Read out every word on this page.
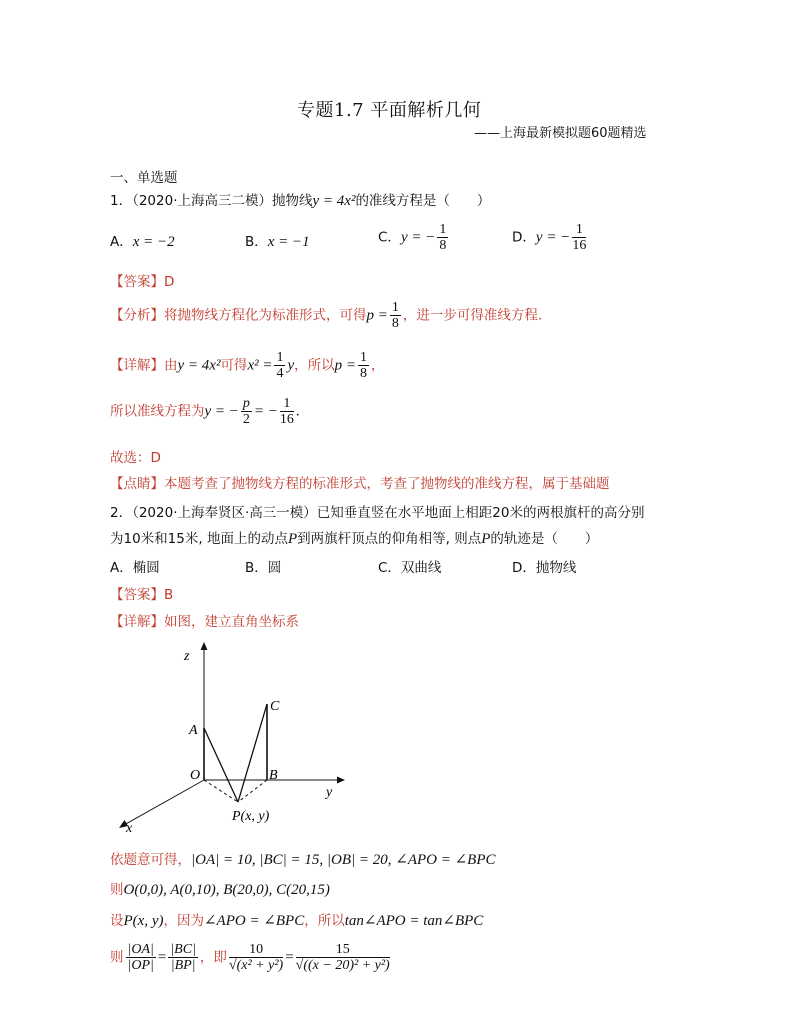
专题1.7 平面解析几何
——上海最新模拟题60题精选
一、单选题
1．（2020·上海高三二模）抛物线y = 4x²的准线方程是（　　）
A．x = −2	B．x = −1	C．y = − $\frac{1}{8}$	D．y = − $\frac{1}{16}$
【答案】D
【分析】将抛物线方程化为标准形式，可得$p = \frac{1}{8}$ ，进一步可得准线方程.
【详解】由y = 4x²可得$x^2 = \frac{1}{4}$ y，所以$p = \frac{1}{8}$ ，
所以准线方程为y = − $\frac{p}{2}$ = − $\frac{1}{16}$ .
故选：D
【点睛】本题考查了抛物线方程的标准形式，考查了抛物线的准线方程，属于基础题
2．（2020·上海奉贤区·高三一模）已知垂直竖在水平地面上相距20米的两根旗杆的高分别
为10米和15米, 地面上的动点P到两旗杆顶点的仰角相等, 则点P的轨迹是（　　）
A．椭圆	B．圆	C．双曲线	D．抛物线
【答案】B
【详解】如图，建立直角坐标系
z
y
x
A
C
O	B
P(x, y)
依题意可得，|OA| = 10, |BC| = 15, |OB| = 20, ∠APO = ∠BPC
则O(0,0), A(0,10), B(20,0), C(20,15)
设P(x, y)，因为∠APO = ∠BPC，所以tan∠APO = tan∠BPC
则 $\frac{|OA|}{|OP|} = \frac{|BC|}{|BP|}$ ，即 $\frac{10}{\text{√(x² + y²)}} = \frac{15}{\text{√((x − 20)² + y²)}}$
